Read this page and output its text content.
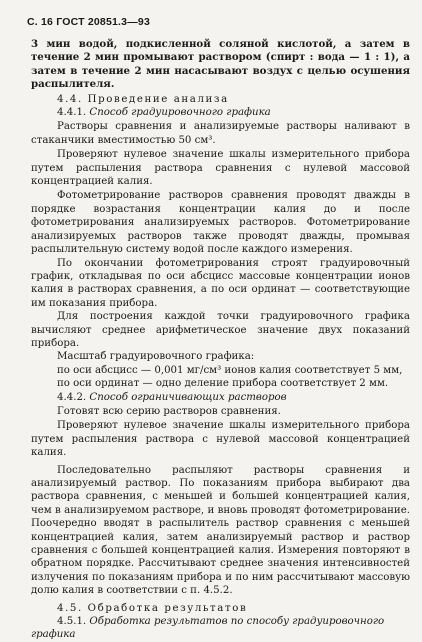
С. 16 ГОСТ 20851.3—93

3 мин водой, подкисленной соляной кислотой, а затем в течение 2 мин промывают раствором (спирт : вода — 1 : 1), а затем в течение 2 мин насасывают воздух с целью осушения распылителя.

4.4. Проведение анализа

4.4.1. Способ градуировочного графика

Растворы сравнения и анализируемые растворы наливают в стаканчики вместимостью 50 см³.

Проверяют нулевое значение шкалы измерительного прибора путем распыления раствора сравнения с нулевой массовой концентрацией калия.

Фотометрирование растворов сравнения проводят дважды в порядке возрастания концентрации калия до и после фотометрирования анализируемых растворов. Фотометрирование анализируемых растворов также проводят дважды, промывая распылительную систему водой после каждого измерения.

По окончании фотометрирования строят градуировочный график, откладывая по оси абсцисс массовые концентрации ионов калия в растворах сравнения, а по оси ординат — соответствующие им показания прибора.

Для построения каждой точки градуировочного графика вычисляют среднее арифметическое значение двух показаний прибора.

Масштаб градуировочного графика:

по оси абсцисс — 0,001 мг/см³ ионов калия соответствует 5 мм,

по оси ординат — одно деление прибора соответствует 2 мм.

4.4.2. Способ ограничивающих растворов

Готовят всю серию растворов сравнения.

Проверяют нулевое значение шкалы измерительного прибора путем распыления раствора с нулевой массовой концентрацией калия.

Последовательно распыляют растворы сравнения и анализируемый раствор. По показаниям прибора выбирают два раствора сравнения, с меньшей и большей концентрацией калия, чем в анализируемом растворе, и вновь проводят фотометрирование. Поочередно вводят в распылитель раствор сравнения с меньшей концентрацией калия, затем анализируемый раствор и раствор сравнения с большей концентрацией калия. Измерения повторяют в обратном порядке. Рассчитывают среднее значения интенсивностей излучения по показаниям прибора и по ним рассчитывают массовую долю калия в соответствии с п. 4.5.2.

4.5. Обработка результатов

4.5.1. Обработка результатов по способу градуировочного графика
